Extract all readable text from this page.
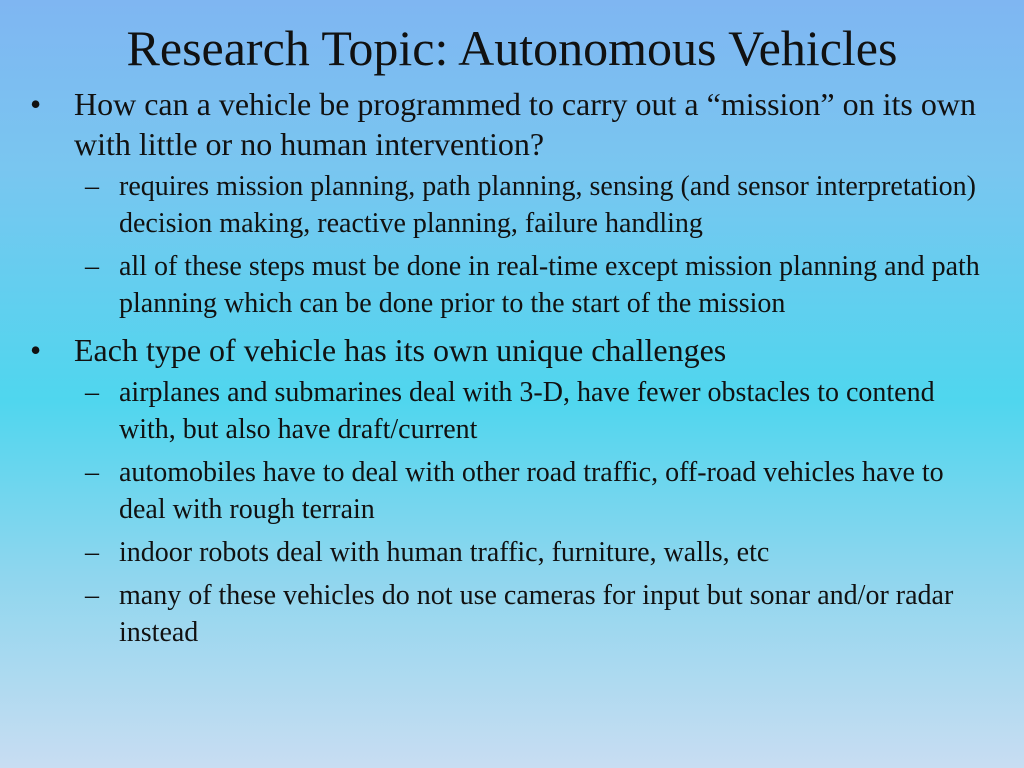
Research Topic: Autonomous Vehicles
• How can a vehicle be programmed to carry out a “mission” on its own with little or no human intervention?
– requires mission planning, path planning, sensing (and sensor interpretation) decision making, reactive planning, failure handling
– all of these steps must be done in real-time except mission planning and path planning which can be done prior to the start of the mission
• Each type of vehicle has its own unique challenges
– airplanes and submarines deal with 3-D, have fewer obstacles to contend with, but also have draft/current
– automobiles have to deal with other road traffic, off-road vehicles have to deal with rough terrain
– indoor robots deal with human traffic, furniture, walls, etc
– many of these vehicles do not use cameras for input but sonar and/or radar instead
